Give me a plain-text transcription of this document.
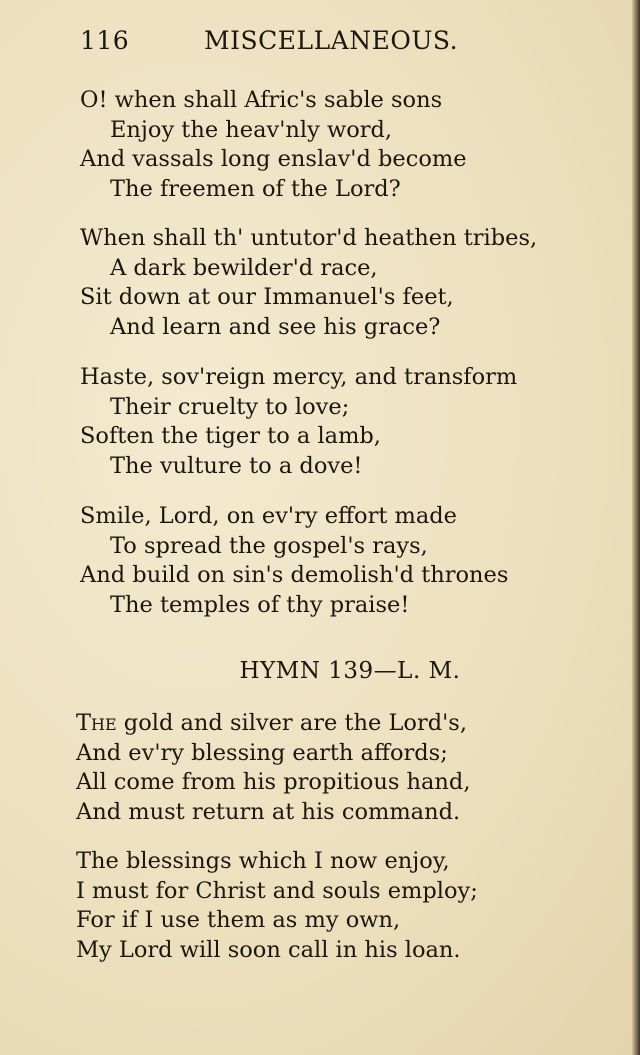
116	MISCELLANEOUS.
O! when shall Afric's sable sons
Enjoy the heav'nly word,
And vassals long enslav'd become
The freemen of the Lord?
When shall th' untutor'd heathen tribes,
A dark bewilder'd race,
Sit down at our Immanuel's feet,
And learn and see his grace?
Haste, sov'reign mercy, and transform
Their cruelty to love;
Soften the tiger to a lamb,
The vulture to a dove!
Smile, Lord, on ev'ry effort made
To spread the gospel's rays,
And build on sin's demolish'd thrones
The temples of thy praise!
HYMN 139—L. M.
The gold and silver are the Lord's,
And ev'ry blessing earth affords;
All come from his propitious hand,
And must return at his command.
The blessings which I now enjoy,
I must for Christ and souls employ;
For if I use them as my own,
My Lord will soon call in his loan.
